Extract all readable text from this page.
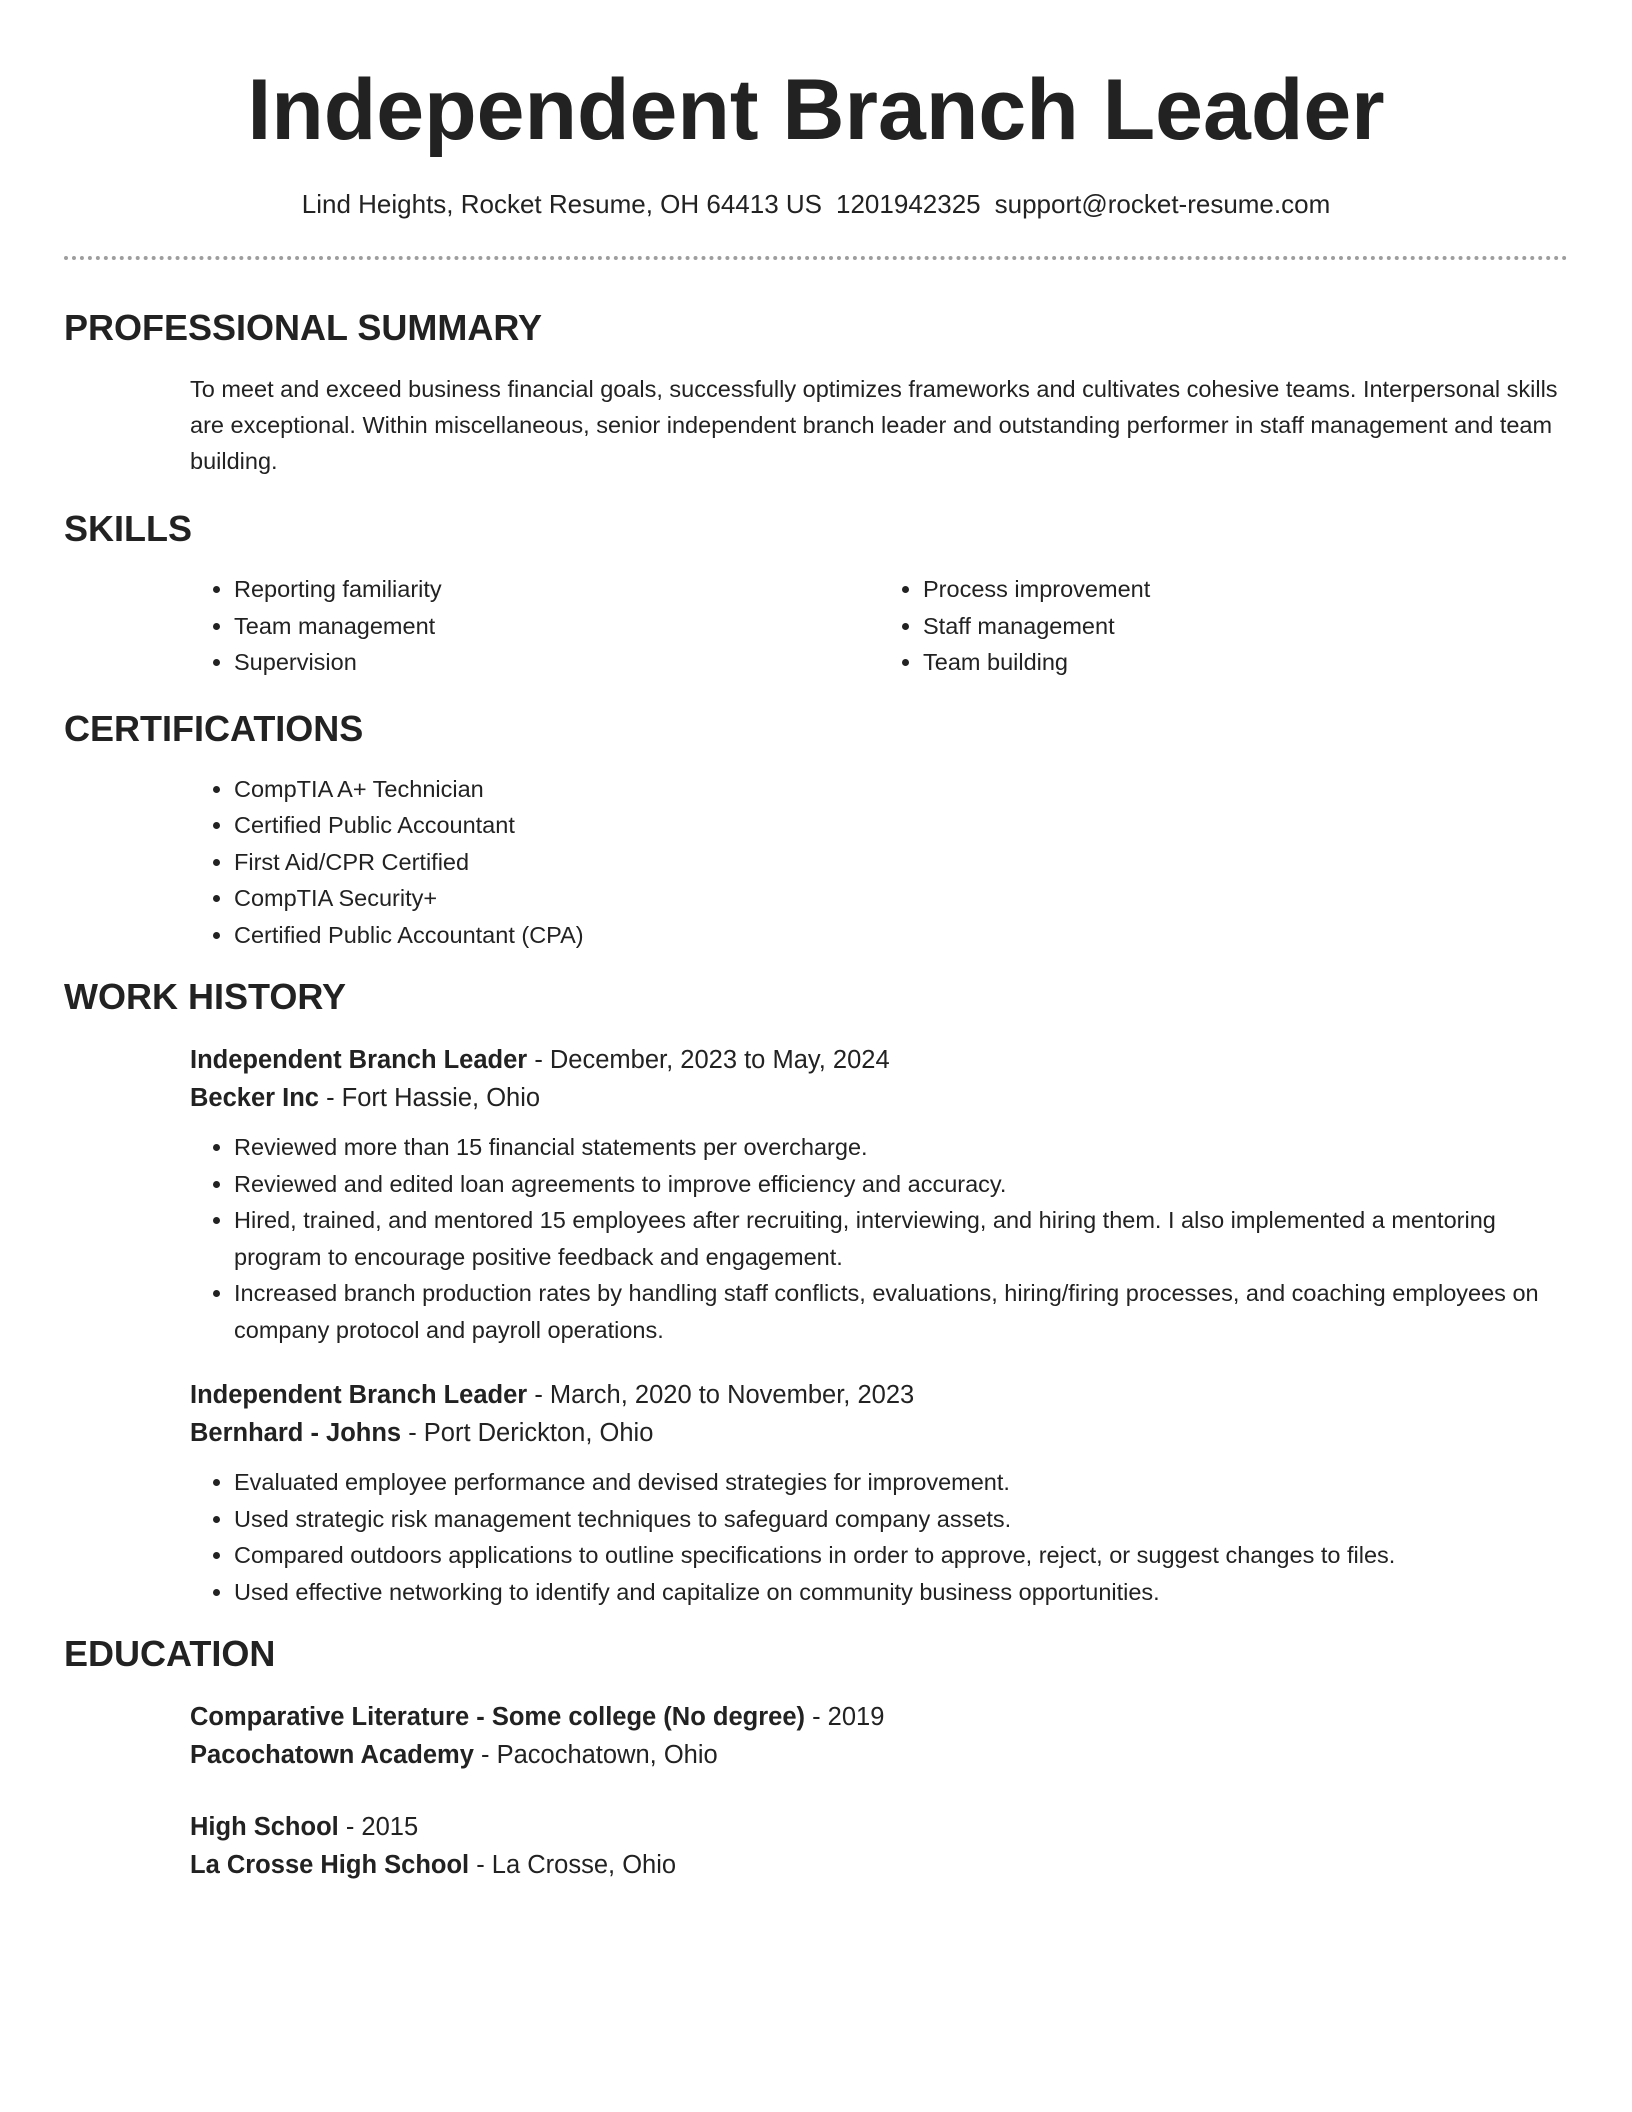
Independent Branch Leader
Lind Heights, Rocket Resume, OH 64413 US 1201942325 support@rocket-resume.com
PROFESSIONAL SUMMARY
To meet and exceed business financial goals, successfully optimizes frameworks and cultivates cohesive teams. Interpersonal skills are exceptional. Within miscellaneous, senior independent branch leader and outstanding performer in staff management and team building.
SKILLS
• Reporting familiarity
• Team management
• Supervision
• Process improvement
• Staff management
• Team building
CERTIFICATIONS
• CompTIA A+ Technician
• Certified Public Accountant
• First Aid/CPR Certified
• CompTIA Security+
• Certified Public Accountant (CPA)
WORK HISTORY
Independent Branch Leader - December, 2023 to May, 2024
Becker Inc - Fort Hassie, Ohio
• Reviewed more than 15 financial statements per overcharge.
• Reviewed and edited loan agreements to improve efficiency and accuracy.
• Hired, trained, and mentored 15 employees after recruiting, interviewing, and hiring them. I also implemented a mentoring program to encourage positive feedback and engagement.
• Increased branch production rates by handling staff conflicts, evaluations, hiring/firing processes, and coaching employees on company protocol and payroll operations.
Independent Branch Leader - March, 2020 to November, 2023
Bernhard - Johns - Port Derickton, Ohio
• Evaluated employee performance and devised strategies for improvement.
• Used strategic risk management techniques to safeguard company assets.
• Compared outdoors applications to outline specifications in order to approve, reject, or suggest changes to files.
• Used effective networking to identify and capitalize on community business opportunities.
EDUCATION
Comparative Literature - Some college (No degree) - 2019
Pacochatown Academy - Pacochatown, Ohio
High School - 2015
La Crosse High School - La Crosse, Ohio
